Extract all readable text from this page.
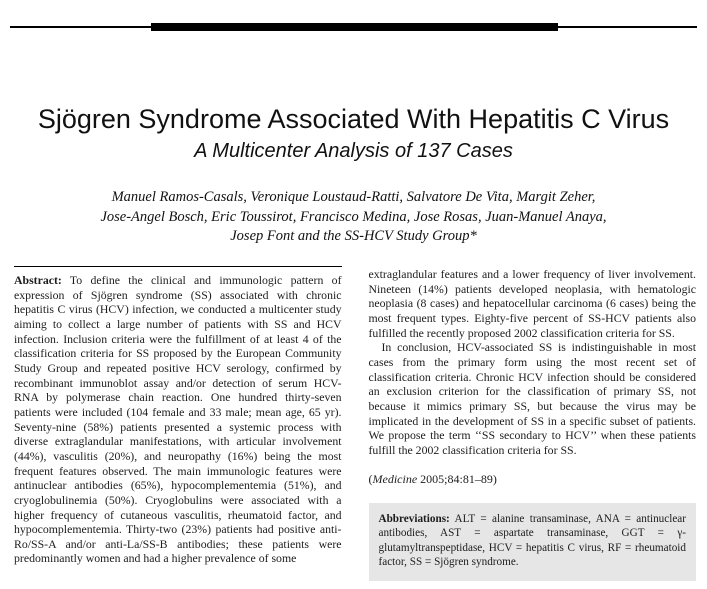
Sjögren Syndrome Associated With Hepatitis C Virus
A Multicenter Analysis of 137 Cases
Manuel Ramos-Casals, Veronique Loustaud-Ratti, Salvatore De Vita, Margit Zeher,
Jose-Angel Bosch, Eric Toussirot, Francisco Medina, Jose Rosas, Juan-Manuel Anaya,
Josep Font and the SS-HCV Study Group*

Abstract: To define the clinical and immunologic pattern of expression of Sjögren syndrome (SS) associated with chronic hepatitis C virus (HCV) infection, we conducted a multicenter study aiming to collect a large number of patients with SS and HCV infection. Inclusion criteria were the fulfillment of at least 4 of the classification criteria for SS proposed by the European Community Study Group and repeated positive HCV serology, confirmed by recombinant immunoblot assay and/or detection of serum HCV-RNA by polymerase chain reaction. One hundred thirty-seven patients were included (104 female and 33 male; mean age, 65 yr). Seventy-nine (58%) patients presented a systemic process with diverse extraglandular manifestations, with articular involvement (44%), vasculitis (20%), and neuropathy (16%) being the most frequent features observed. The main immunologic features were antinuclear antibodies (65%), hypocomplementemia (51%), and cryoglobulinemia (50%). Cryoglobulins were associated with a higher frequency of cutaneous vasculitis, rheumatoid factor, and hypocomplementemia. Thirty-two (23%) patients had positive anti-Ro/SS-A and/or anti-La/SS-B antibodies; these patients were predominantly women and had a higher prevalence of some

extraglandular features and a lower frequency of liver involvement. Nineteen (14%) patients developed neoplasia, with hematologic neoplasia (8 cases) and hepatocellular carcinoma (6 cases) being the most frequent types. Eighty-five percent of SS-HCV patients also fulfilled the recently proposed 2002 classification criteria for SS.

In conclusion, HCV-associated SS is indistinguishable in most cases from the primary form using the most recent set of classification criteria. Chronic HCV infection should be considered an exclusion criterion for the classification of primary SS, not because it mimics primary SS, but because the virus may be implicated in the development of SS in a specific subset of patients. We propose the term ‘‘SS secondary to HCV’’ when these patients fulfill the 2002 classification criteria for SS.

(Medicine 2005;84:81–89)

Abbreviations: ALT = alanine transaminase, ANA = antinuclear antibodies, AST = aspartate transaminase, GGT = γ-glutamyltranspeptidase, HCV = hepatitis C virus, RF = rheumatoid factor, SS = Sjögren syndrome.
